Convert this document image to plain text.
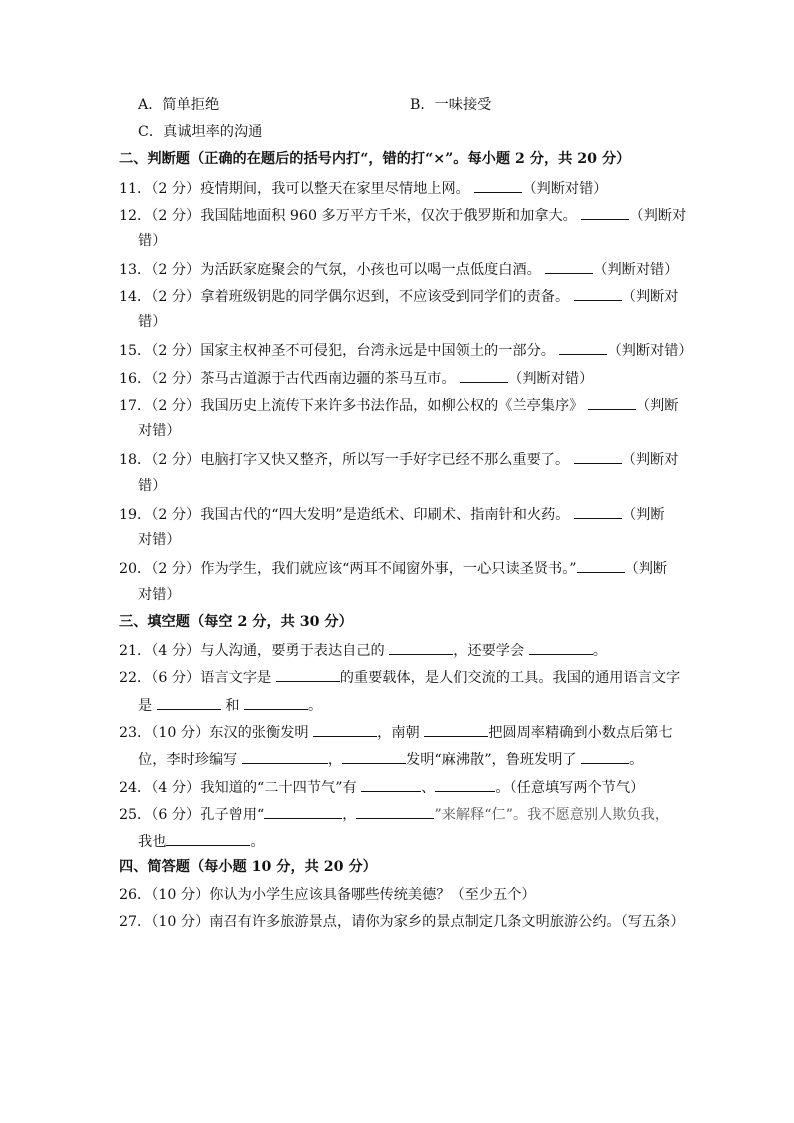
A．简单拒绝	B．一味接受
C．真诚坦率的沟通
二、判断题（正确的在题后的括号内打“，错的打“×”。每小题 2 分，共 20 分）
11．（2 分）疫情期间，我可以整天在家里尽情地上网。	（判断对错）
12．（2 分）我国陆地面积 960 多万平方千米，仅次于俄罗斯和加拿大。	（判断对
错）
13．（2 分）为活跃家庭聚会的气氛，小孩也可以喝一点低度白酒。	（判断对错）
14．（2 分）拿着班级钥匙的同学偶尔迟到，不应该受到同学们的责备。	（判断对
错）
15．（2 分）国家主权神圣不可侵犯，台湾永远是中国领土的一部分。	（判断对错）
16．（2 分）茶马古道源于古代西南边疆的茶马互市。	（判断对错）
17．（2 分）我国历史上流传下来许多书法作品，如柳公权的《兰亭集序》	（判断
对错）
18．（2 分）电脑打字又快又整齐，所以写一手好字已经不那么重要了。	（判断对
错）
19．（2 分）我国古代的“四大发明”是造纸术、印刷术、指南针和火药。	（判断
对错）
20．（2 分）作为学生，我们就应该“两耳不闻窗外事，一心只读圣贤书。”	（判断
对错）
三、填空题（每空 2 分，共 30 分）
21．（4 分）与人沟通，要勇于表达自己的	，还要学会	。
22．（6 分）语言文字是	的重要载体，是人们交流的工具。我国的通用语言文字
是	和	。
23．（10 分）东汉的张衡发明	，南朝	把圆周率精确到小数点后第七
位，李时珍编写	，	发明“麻沸散”，鲁班发明了	。
24．（4 分）我知道的“二十四节气”有	、	。（任意填写两个节气）
25．（6 分）孔子曾用“	，	”来解释“仁”。我不愿意别人欺负我，
我也	。
四、简答题（每小题 10 分，共 20 分）
26．（10 分）你认为小学生应该具备哪些传统美德？（至少五个）
27．（10 分）南召有许多旅游景点，请你为家乡的景点制定几条文明旅游公约。（写五条）
